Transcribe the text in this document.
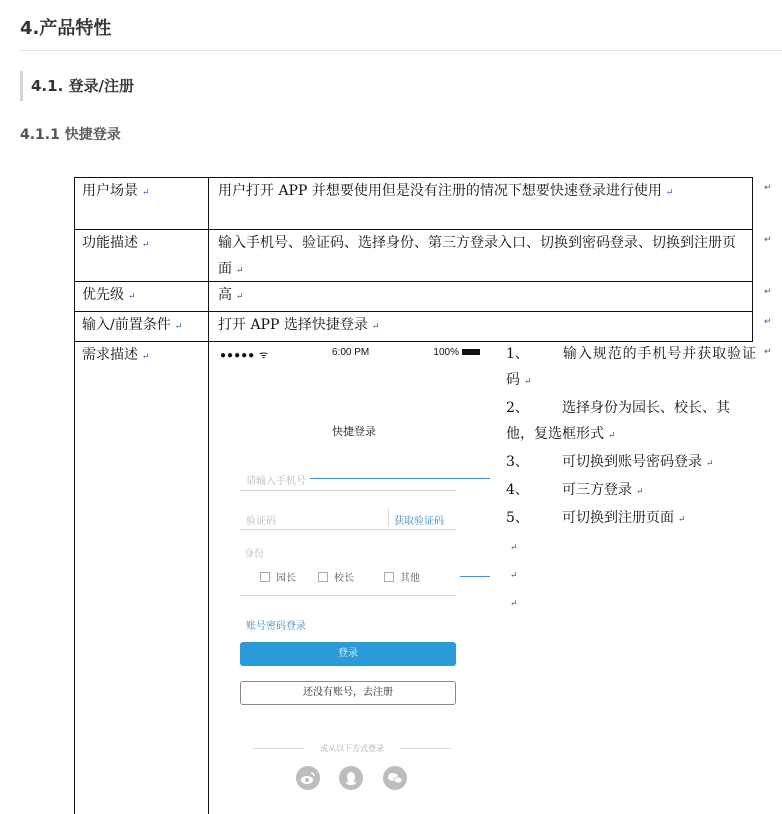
4.产品特性
4.1. 登录/注册
4.1.1 快捷登录
用户场景 ↵	用户打开 APP 并想要使用但是没有注册的情况下想要快速登录进行使用 ↵	↵
功能描述 ↵	输入手机号、验证码、选择身份、第三方登录入口、切换到密码登录、切换到注册页面 ↵
↵
优先级 ↵	高 ↵	↵
输入/前置条件 ↵	打开 APP 选择快捷登录 ↵	↵
需求描述 ↵	↵
●●●●● ᯤ	6:00 PM	100%
快捷登录
请输入手机号
验证码	获取验证码
身份
园长	校长	其他
账号密码登录
登录
还没有账号，去注册
或从以下方式登录
1、 输入规范的手机号并获取验证码 ↵
2、 选择身份为园长、校长、其他，复选框形式 ↵
3、 可切换到账号密码登录 ↵
4、 可三方登录 ↵
5、 可切换到注册页面 ↵
↵
↵
↵
